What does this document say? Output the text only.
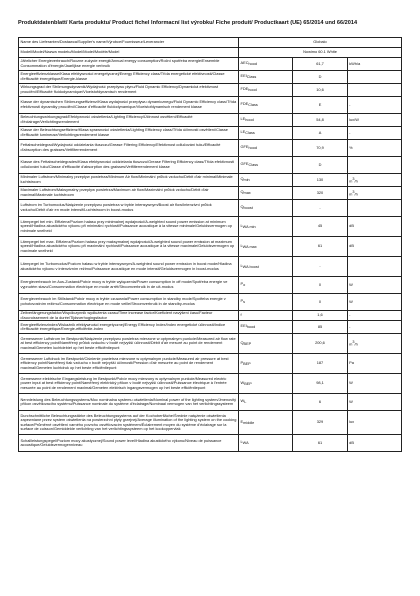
Produktdatenblatt/ Karta produktu/ Product fichel Informacní list výrobku/ Fiche produit/ Productkaart (UE) 65/2014 und 66/2014
Name des Lieferanten/Dostawca/Supplier's name/Výrobce/Fournisseur/Leverancier	Globalo		
Modell/Model/Nazwa modelu/Model/Model/Modèle/Model	Nowimo 60.1 White		
Jährlicher Energieverbrauch/Roczne zużycie energii/Annual energy consumption/Roční spotřeba energie/Ensemble Consommation d'énergie/Jaarlijkse energie verbruik	$AEC_{hood}$	61,7	kWh/a
Energieeffizienzklasse/Klasa efektywności energetycznej/Energy Efficiency class/Třída energetické efektivnosti/Classe d'efficacité énergétique/Energie-klasse	$EEI_{Class}$	D	
Wirkungsgrad der Strömungsdynamik/Wydajność przepływu płynu/Fluid Dynamic Efficiency/Dynamická efektivnost proudění/Efficacité fluidodynamique/Vloeistofdynamisch rendement	$FDE_{hood}$	10,6	
Klasse der dynamischen Strömungseffizienz/Klasa wydajności przepływu dynamicznego/Fluid Dynamic Efficiency class/Třída efektivnosti dynamiky proudění/Classe d'efficacité fluidodynamique/Vloeistofdynamisch rendement klasse	$FDE_{Class}$	E	-
Beleuchtungswirkungsgrad/Efektywność oświetlenia/Lighting Efficiency/Účinnost osvětlení/Efficacité d'éclairage/Verlichtingsrendement	$LE_{hood}$	54,8	lux/W
Klasse der Beleuchtungseffizienz/Klasa sprawności oświetlenia/Lighting Efficiency class/Třída účinnosti osvětlení/Classe d'efficacité lumineuse/Verlichtingsrendement klasse	$LE_{Class}$	A	-
Fettabscheidegrad/Wydajność oddzielania tłuszczu/Grease Filtering Efficiency/Efektivnost odlučování tuku/Efficacité d'absorption des graisses/Vetfilterrendement	$GFE_{hood}$	70,9	%
Klasse des Fettabscheidegrades/Klasa efektywności oddzielania tłuszczu/Grease Filtering Efficiency class/Třída efektivnosti odlučování tuku/Classe d'efficacité d'absorption des graisses/Vetfilterrendement klasse	$GFE_{Class}$	D	
Minimaler Luftstrom/Minimalny przepływ powietrza/Minimum Air flow/Minimální průtok vzduchu/Débit d'air minimal/Minimale luchtstroom	$Q_{min}$	130	$m^3/h$
Maximaler Luftstrom/Maksymalny przepływ powietrza/Maximum air flow/Maximální průtok vzduchu/Débit d'air maximal/Maximale luchtstroom	$Q_{max}$	320	$m^3/h$
Luftstrom im Turbomodus/Natężenie przepływu powietrza w trybie intensywnym/Boost air flow/Intenzivní průtok vzduchu/Débit d'air en mode intensif/Luchtstroom in boost-modus	$Q_{boost}$	-	
Lärmpegel bei min. Effizienz/Poziom hałasu przy minimalnej wydajności/A-weighted sound power emission at minimum speed/Hladina akustického výkonu při minimální rychlosti/Puissance acoustique à la vitesse minimale/Geluidsvermogen op minimale snelheid	$L_{WA min}$	45	dB
Lärmpegel bei max. Effizienz/Poziom hałasu przy maksymalnej wydajności/A-weighted sound power emission at maximum speed/Hladina akustického výkonu při maximální rychlosti/Puissance acoustique à la vitesse maximale/Geluidsvermogen op maximale snelheid	$L_{WA max}$	61	dB
Lärmpegel im Turbomodus/Poziom hałasu w trybie intensywnym/A-weighted sound power emission in boost mode/Hladina akustického výkonu v intenzivním režimu/Puissance acoustique en mode intensif/Geluidsvermogen in boost-modus	$L_{WA boost}$	-	
Energieverbrauch im Aus-Zustand/Pobór mocy w trybie wyłączenia/Power consumption in off mode/Spotřeba energie ve vypnutém stavu/Consommation électrique en mode arrêt/Stroomverbruik in de uit-modus	$P_o$	0	W
Energieverbrauch im Stillstand/Pobór mocy w trybie czuwania/Power consumption in standby mode/Spotřeba energie v pohotovostním režimu/Consommation électrique en mode veille/Stroomverbruik in de standby-modus	$P_s$	0	W
Zeitverlängerungsfaktor/Współczynnik wydłużenia czasu/Time increase factor/Koeficient navýšení času/Facteur d'accroissement de la durée/Tijdsverhogingsfactor	f	1,6	-
Energieeffizienzindex/Wskaźnik efektywności energetycznej/Energy Efficiency Index/Index energetické účinnosti/Indice d'efficacité énergétique/Energie-efficiëntie-index	$EEI_{hood}$	85	-
Gemessener Luftstrom im Bestpunkt/Natężenie przepływu powietrza mierzone w optymalnym punkcie/Measured air flow rate at best efficiency point/Naměřený průtok vzduchu v bodě nejvyšší účinnosti/Débit d'air mesuré au point de rendement maximal/Gemeten luchtdebiet op het beste efficiëntiepunt	$Q_{BEP}$	200,6	$m^3/h$
Gemessener Luftdruck im Bestpunkt/Ciśnienie powietrza mierzone w optymalnym punkcie/Measured air pressure at best efficiency point/Naměřený tlak vzduchu v bodě nejvyšší účinnosti/Pression d'air mesurée au point de rendement maximal/Gemeten luchtdruk op het beste efficiëntiepunt	$P_{BEP}$	187	Pa
Gemessene elektrische Eingangsleistung im Bestpunkt/Pobór mocy mierzony w optymalnym punkcie/Measured electric power input at best efficiency point/Naměřený elektrický příkon v bodě nejvyšší účinnosti/Puissance électrique à l'entrée mesurée au point de rendement maximal/Gemeten elektrisch ingangsvermogen op het beste efficiëntiepunt	$W_{BEP}$	98,1	W
Nennleistung des Beleuchtungssystems/Moc nominalna systemu oświetlenia/Nominal power of the lighting system/Jmenovitý příkon osvětlovacího systému/Puissance nominale du système d'éclairage/Nominaal vermogen van het verlichtingssysteem	$W_L$	6	W
Durchschnittliche Beleuchtungsstärke des Beleuchtungssystems auf der Kochoberfläche/Średnie natężenie oświetlenia zapewniane przez system oświetlenia na powierzchni płyty grzejnej/Average illumination of the lighting system on the cooking surface/Průměrné osvětlení varného povrchu osvětlovacím systémem/Éclairement moyen du système d'éclairage sur la surface de cuisson/Gemiddelde verlichting van het verlichtingssysteem op het kookoppervlak	$E_{middle}$	329	lux
Schallleistungspegel/Poziom mocy akustycznej/Sound power level/Hladina akustického výkonu/Niveau de puissance acoustique/Geluidsvermogenniveau	$L_{WA}$	61	dB
